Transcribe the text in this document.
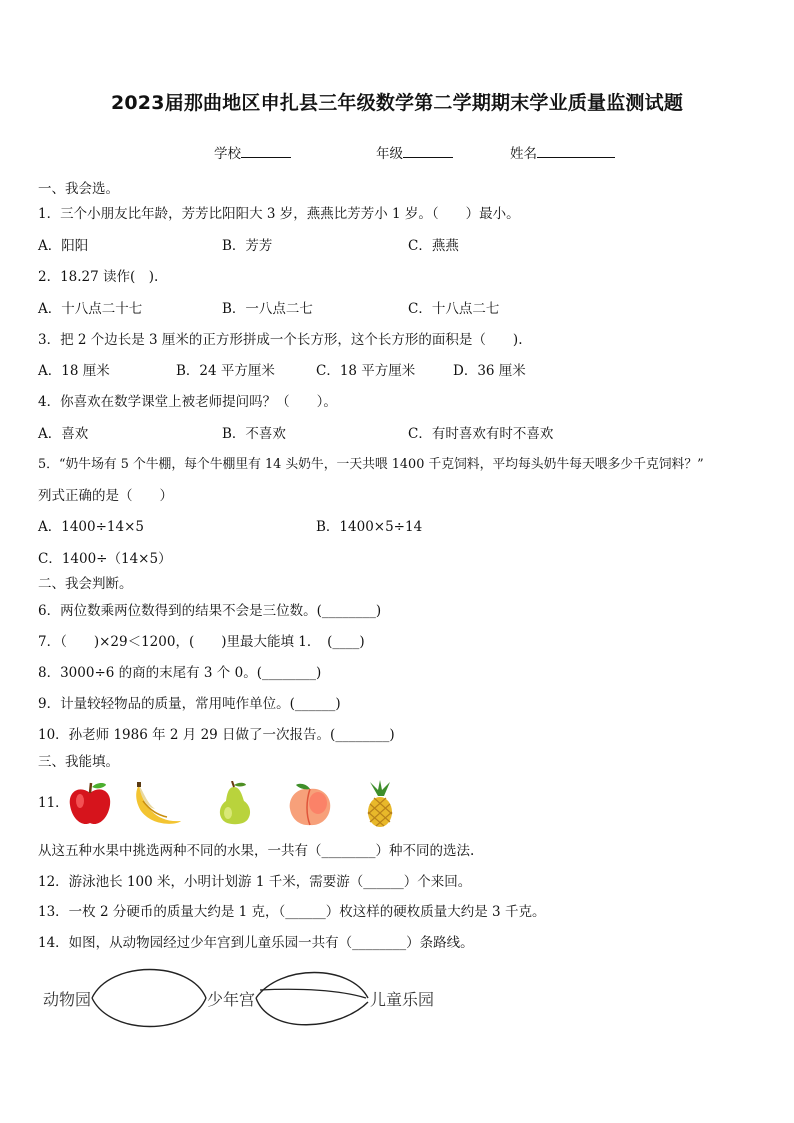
2023届那曲地区申扎县三年级数学第二学期期末学业质量监测试题
学校	年级	姓名
一、我会选。
1．三个小朋友比年龄，芳芳比阳阳大 3 岁，燕燕比芳芳小 1 岁。（　　）最小。
A．阳阳	B．芳芳	C．燕燕
2．18.27 读作(　).
A．十八点二十七	B．一八点二七	C．十八点二七
3．把 2 个边长是 3 厘米的正方形拼成一个长方形，这个长方形的面积是（　　).
A．18 厘米	B．24 平方厘米	C．18 平方厘米	D．36 厘米
4．你喜欢在数学课堂上被老师提问吗？（　　）。
A．喜欢	B．不喜欢	C．有时喜欢有时不喜欢
5．“奶牛场有 5 个牛棚，每个牛棚里有 14 头奶牛，一天共喂 1400 千克饲料，平均每头奶牛每天喂多少千克饲料？”
列式正确的是（　　）
A．1400÷14×5	B．1400×5÷14
C．1400÷（14×5）
二、我会判断。
6．两位数乘两位数得到的结果不会是三位数。(________)
7．（　　)×29＜1200，(　　)里最大能填 1．　(____)
8．3000÷6 的商的末尾有 3 个 0。(________)
9．计量较轻物品的质量，常用吨作单位。(______)
10．孙老师 1986 年 2 月 29 日做了一次报告。(________)
三、我能填。
11．
从这五种水果中挑选两种不同的水果，一共有（________）种不同的选法.
12．游泳池长 100 米，小明计划游 1 千米，需要游（______）个来回。
13．一枚 2 分硬币的质量大约是 1 克，（______）枚这样的硬枚质量大约是 3 千克。
14．如图，从动物园经过少年宫到儿童乐园一共有（________）条路线。
动物园	少年宫	儿童乐园
